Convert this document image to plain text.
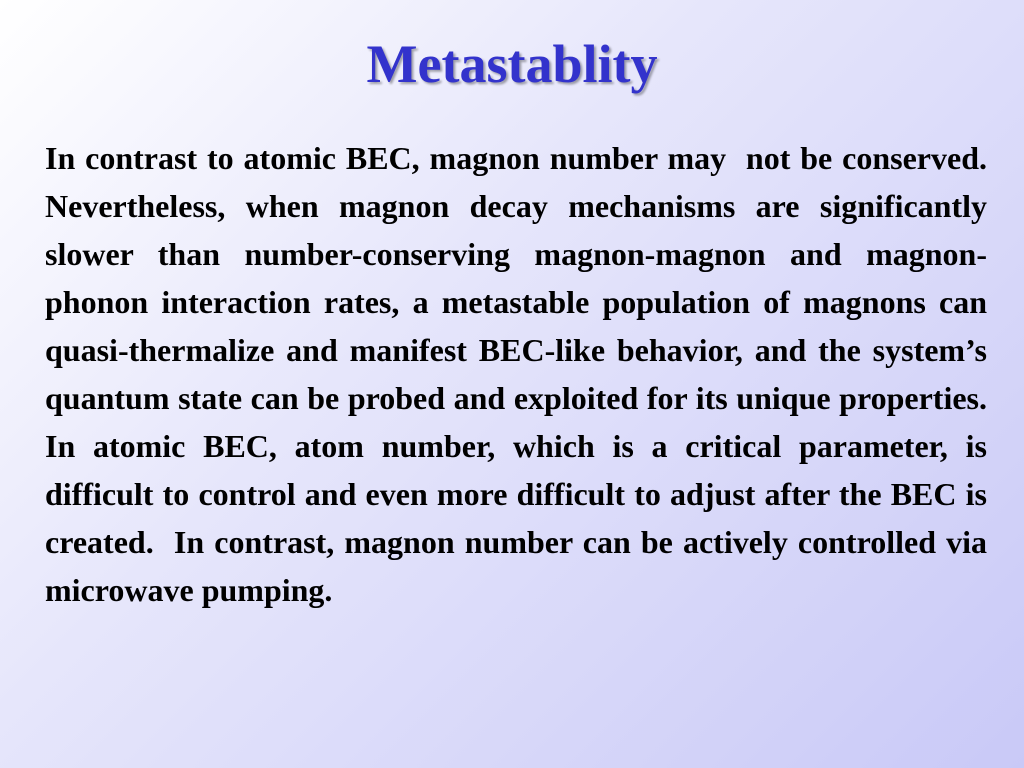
Metastablity

In contrast to atomic BEC, magnon number may  not be conserved.  Nevertheless, when magnon decay mechanisms are significantly slower than number-conserving magnon-magnon and magnon-phonon interaction rates, a metastable population of magnons can quasi-thermalize and manifest BEC-like behavior, and the system’s quantum state can be probed and exploited for its unique properties. In atomic BEC, atom number, which is a critical parameter, is difficult to control and even more difficult to adjust after the BEC is created.  In contrast, magnon number can be actively controlled via microwave pumping.
